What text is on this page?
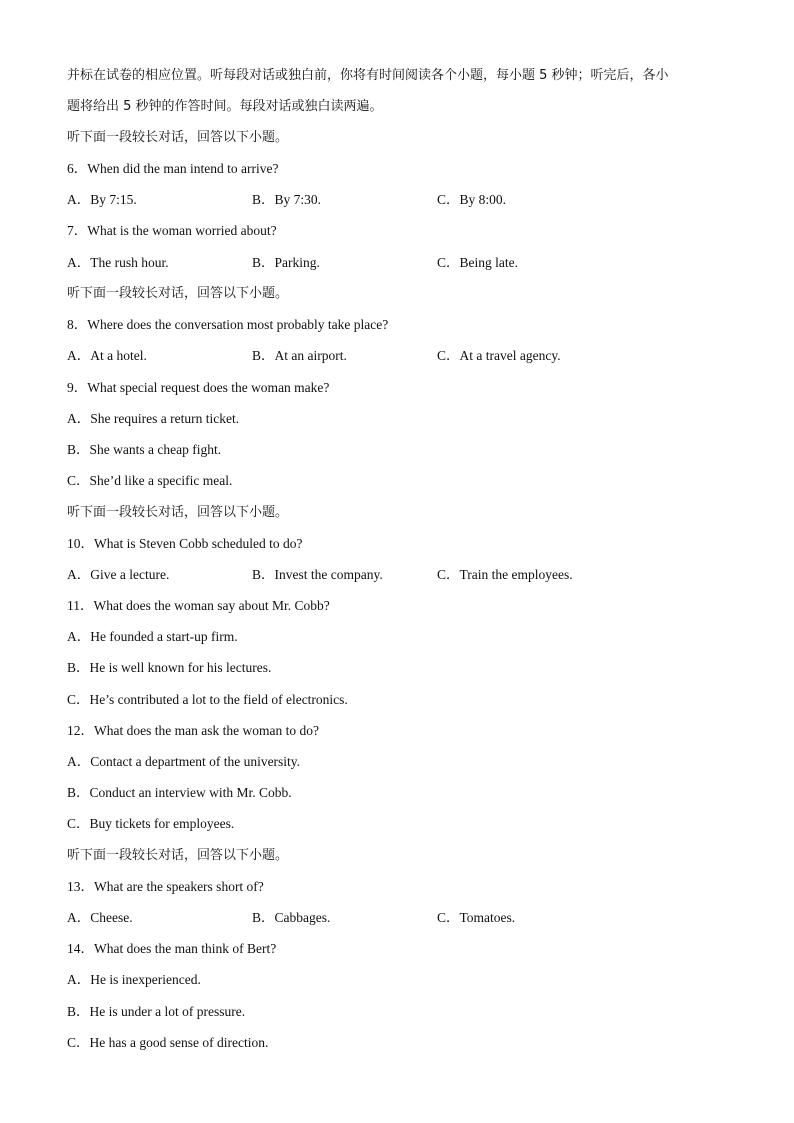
并标在试卷的相应位置。听每段对话或独白前，你将有时间阅读各个小题，每小题 5 秒钟；听完后，各小
题将给出 5 秒钟的作答时间。每段对话或独白读两遍。
听下面一段较长对话，回答以下小题。
6．When did the man intend to arrive?
A．By 7:15.	B．By 7:30.	C．By 8:00.
7．What is the woman worried about?
A．The rush hour.	B．Parking.	C．Being late.
听下面一段较长对话，回答以下小题。
8．Where does the conversation most probably take place?
A．At a hotel.	B．At an airport.	C．At a travel agency.
9．What special request does the woman make?
A．She requires a return ticket.
B．She wants a cheap fight.
C．She’d like a specific meal.
听下面一段较长对话，回答以下小题。
10．What is Steven Cobb scheduled to do?
A．Give a lecture.	B．Invest the company.	C．Train the employees.
11．What does the woman say about Mr. Cobb?
A．He founded a start-up firm.
B．He is well known for his lectures.
C．He’s contributed a lot to the field of electronics.
12．What does the man ask the woman to do?
A．Contact a department of the university.
B．Conduct an interview with Mr. Cobb.
C．Buy tickets for employees.
听下面一段较长对话，回答以下小题。
13．What are the speakers short of?
A．Cheese.	B．Cabbages.	C．Tomatoes.
14．What does the man think of Bert?
A．He is inexperienced.
B．He is under a lot of pressure.
C．He has a good sense of direction.
